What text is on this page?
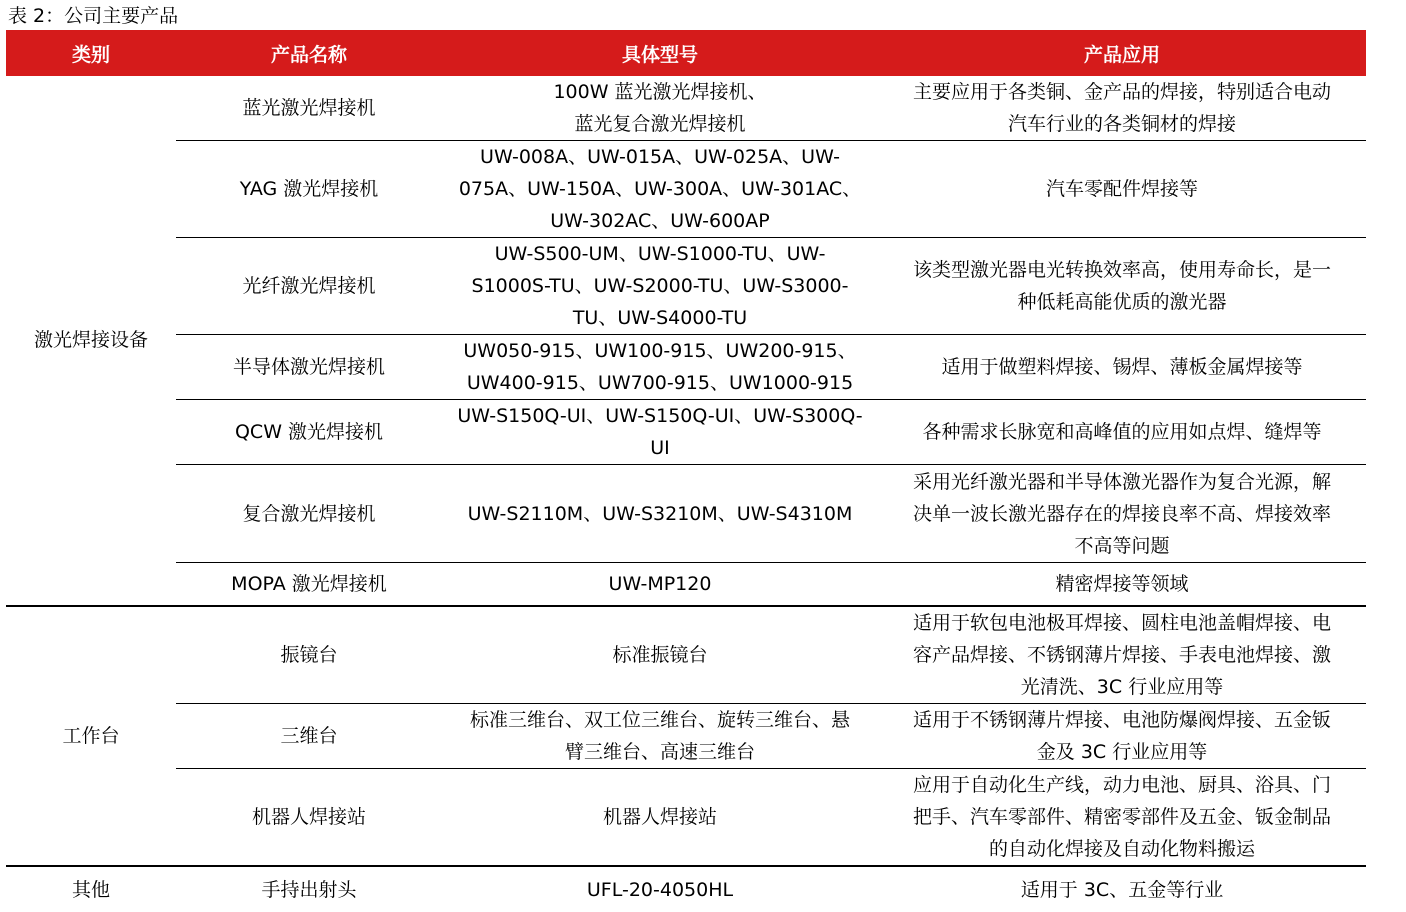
表 2：公司主要产品
类别	产品名称	具体型号	产品应用
激光焊接设备	蓝光激光焊接机	100W 蓝光激光焊接机、
蓝光复合激光焊接机	主要应用于各类铜、金产品的焊接，特别适合电动
汽车行业的各类铜材的焊接

	YAG 激光焊接机	UW-008A、UW-015A、UW-025A、UW-
075A、UW-150A、UW-300A、UW-301AC、
UW-302AC、UW-600AP	汽车零配件焊接等

	光纤激光焊接机	UW-S500-UM、UW-S1000-TU、UW-
S1000S-TU、UW-S2000-TU、UW-S3000-
TU、UW-S4000-TU	该类型激光器电光转换效率高，使用寿命长，是一
种低耗高能优质的激光器

	半导体激光焊接机	UW050-915、UW100-915、UW200-915、
UW400-915、UW700-915、UW1000-915	适用于做塑料焊接、锡焊、薄板金属焊接等

	QCW 激光焊接机	UW-S150Q-UI、UW-S150Q-UI、UW-S300Q-
UI	各种需求长脉宽和高峰值的应用如点焊、缝焊等

	复合激光焊接机	UW-S2110M、UW-S3210M、UW-S4310M	采用光纤激光器和半导体激光器作为复合光源，解
决单一波长激光器存在的焊接良率不高、焊接效率
不高等问题

	MOPA 激光焊接机	UW-MP120	精密焊接等领域

工作台	振镜台	标准振镜台	适用于软包电池极耳焊接、圆柱电池盖帽焊接、电
容产品焊接、不锈钢薄片焊接、手表电池焊接、激
光清洗、3C 行业应用等

	三维台	标准三维台、双工位三维台、旋转三维台、悬
臂三维台、高速三维台	适用于不锈钢薄片焊接、电池防爆阀焊接、五金钣
金及 3C 行业应用等

	机器人焊接站	机器人焊接站	应用于自动化生产线，动力电池、厨具、浴具、门
把手、汽车零部件、精密零部件及五金、钣金制品
的自动化焊接及自动化物料搬运

其他	手持出射头	UFL-20-4050HL	适用于 3C、五金等行业
